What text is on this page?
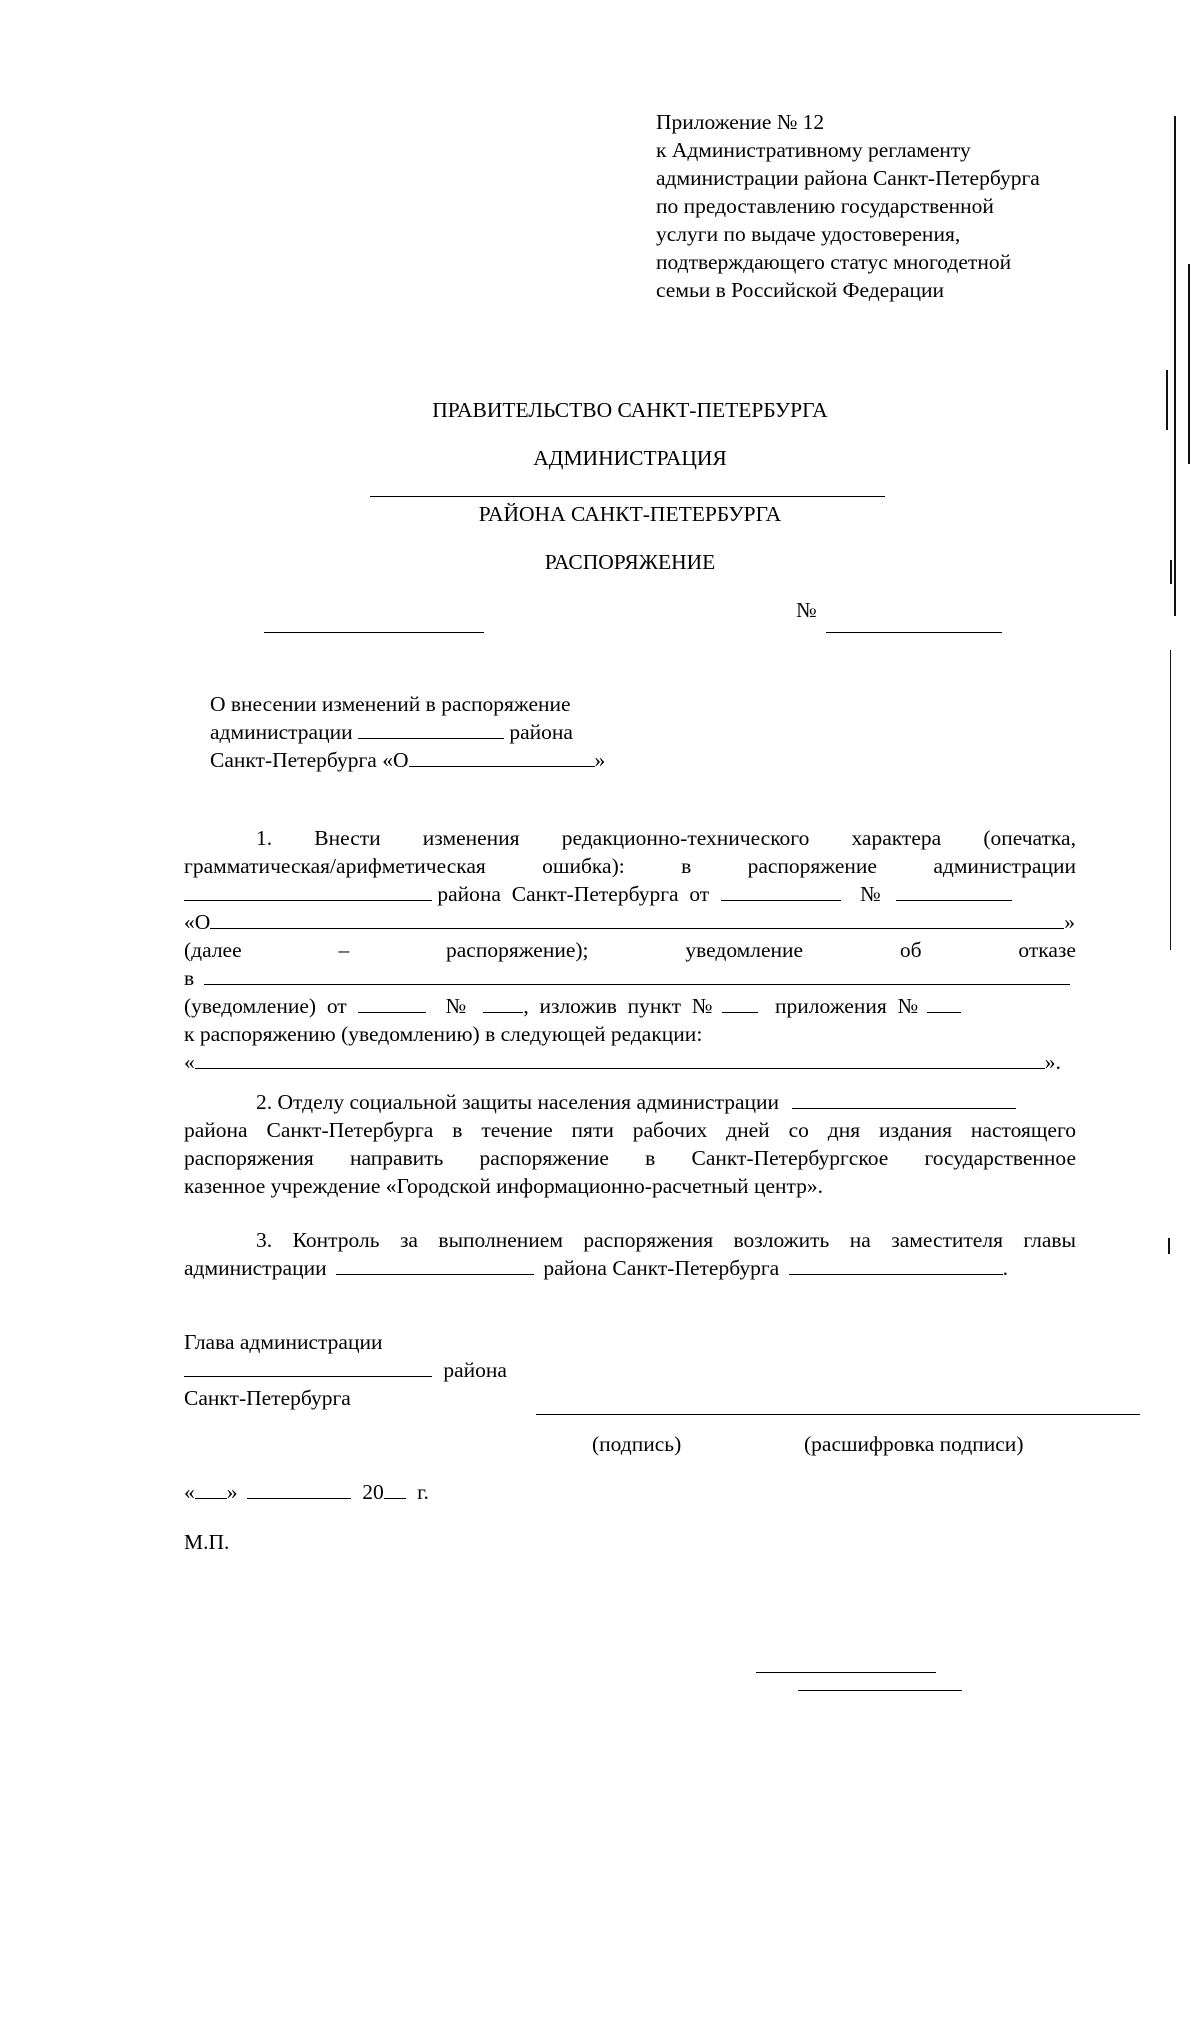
Приложение № 12
к Административному регламенту
администрации района Санкт-Петербурга
по предоставлению государственной
услуги по выдаче удостоверения,
подтверждающего статус многодетной
семьи в Российской Федерации
ПРАВИТЕЛЬСТВО САНКТ-ПЕТЕРБУРГА
АДМИНИСТРАЦИЯ
РАЙОНА САНКТ-ПЕТЕРБУРГА
РАСПОРЯЖЕНИЕ
№
О внесении изменений в распоряжение
администрации	района
Санкт-Петербурга «О	»
1. Внести изменения редакционно-технического характера (опечатка,
грамматическая/арифметическая	ошибка):	в	распоряжение	администрации
района  Санкт-Петербурга  от	№
«О	»
(далее	–	распоряжение);	уведомление	об	отказе
в
(уведомление)  от	№	,  изложив  пункт  №	приложения  №
к распоряжению (уведомлению) в следующей редакции:
«	».
2. Отделу социальной защиты населения администрации
района Санкт-Петербурга в течение пяти рабочих дней со дня издания настоящего
распоряжения направить распоряжение в Санкт-Петербургское государственное
казенное учреждение «Городской информационно-расчетный центр».
3. Контроль за выполнением распоряжения возложить на заместителя главы
администрации	района Санкт-Петербурга	.
Глава администрации
района
Санкт-Петербурга
(подпись)	(расшифровка подписи)
« »	20 г.
М.П.
